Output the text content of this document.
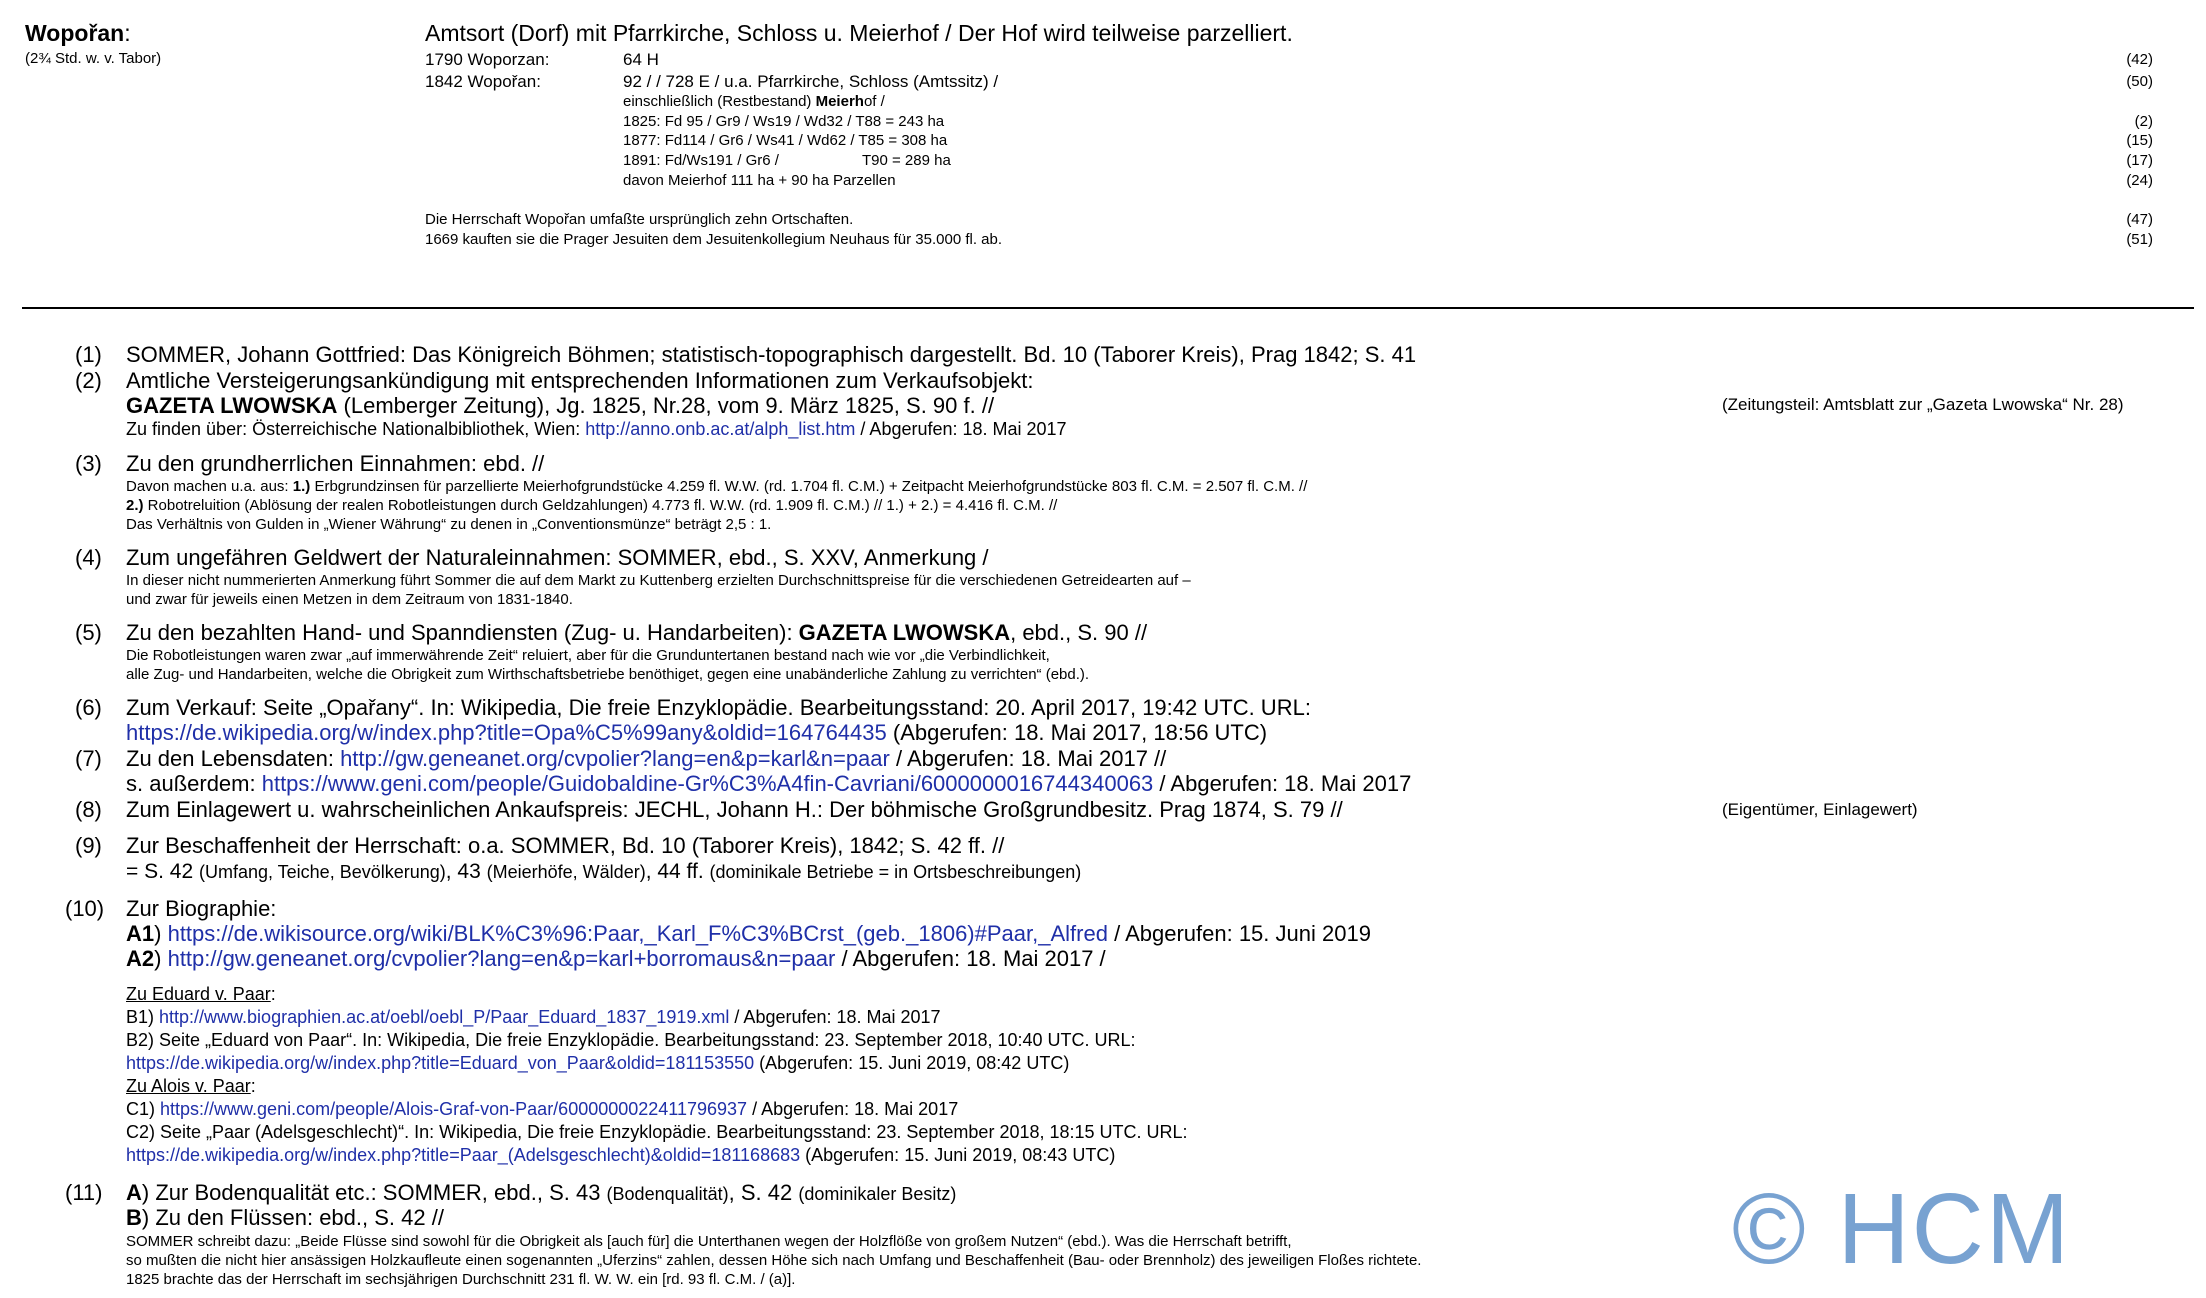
Wopořan:
(2¾ Std. w. v. Tabor)
Amtsort (Dorf) mit Pfarrkirche, Schloss u. Meierhof / Der Hof wird teilweise parzelliert.
1790 Woporzan:	64 H	(42)
1842 Wopořan:	92 / / 728 E / u.a. Pfarrkirche, Schloss (Amtssitz) /	(50)
einschließlich (Restbestand) Meierhof /
1825: Fd 95 / Gr9 / Ws19 / Wd32 / T88 = 243 ha	(2)
1877: Fd114 / Gr6 / Ws41 / Wd62 / T85 = 308 ha	(15)
1891: Fd/Ws191 / Gr6 /                    T90 = 289 ha	(17)
davon Meierhof 111 ha + 90 ha Parzellen	(24)
Die Herrschaft Wopořan umfaßte ursprünglich zehn Ortschaften.	(47)
1669 kauften sie die Prager Jesuiten dem Jesuitenkollegium Neuhaus für 35.000 fl. ab.	(51)
(1) SOMMER, Johann Gottfried: Das Königreich Böhmen; statistisch-topographisch dargestellt. Bd. 10 (Taborer Kreis), Prag 1842; S. 41
(2) Amtliche Versteigerungsankündigung mit entsprechenden Informationen zum Verkaufsobjekt:
GAZETA LWOWSKA (Lemberger Zeitung), Jg. 1825, Nr.28, vom 9. März 1825, S. 90 f. //
Zu finden über: Österreichische Nationalbibliothek, Wien: http://anno.onb.ac.at/alph_list.htm / Abgerufen: 18. Mai 2017
(Zeitungsteil: Amtsblatt zur „Gazeta Lwowska“ Nr. 28)
(3) Zu den grundherrlichen Einnahmen: ebd. //
Davon machen u.a. aus: 1.) Erbgrundzinsen für parzellierte Meierhofgrundstücke 4.259 fl. W.W. (rd. 1.704 fl. C.M.) + Zeitpacht Meierhofgrundstücke 803 fl. C.M. = 2.507 fl. C.M. //
2.) Robotreluition (Ablösung der realen Robotleistungen durch Geldzahlungen) 4.773 fl. W.W. (rd. 1.909 fl. C.M.) // 1.) + 2.) = 4.416 fl. C.M. //
Das Verhältnis von Gulden in „Wiener Währung“ zu denen in „Conventionsmünze“ beträgt 2,5 : 1.
(4) Zum ungefähren Geldwert der Naturaleinnahmen: SOMMER, ebd., S. XXV, Anmerkung /
In dieser nicht nummerierten Anmerkung führt Sommer die auf dem Markt zu Kuttenberg erzielten Durchschnittspreise für die verschiedenen Getreidearten auf –
und zwar für jeweils einen Metzen in dem Zeitraum von 1831-1840.
(5) Zu den bezahlten Hand- und Spanndiensten (Zug- u. Handarbeiten): GAZETA LWOWSKA, ebd., S. 90 //
Die Robotleistungen waren zwar „auf immerwährende Zeit“ reluiert, aber für die Grunduntertanen bestand nach wie vor „die Verbindlichkeit,
alle Zug- und Handarbeiten, welche die Obrigkeit zum Wirthschaftsbetriebe benöthiget, gegen eine unabänderliche Zahlung zu verrichten“ (ebd.).
(6) Zum Verkauf: Seite „Opařany“. In: Wikipedia, Die freie Enzyklopädie. Bearbeitungsstand: 20. April 2017, 19:42 UTC. URL:
https://de.wikipedia.org/w/index.php?title=Opa%C5%99any&oldid=164764435 (Abgerufen: 18. Mai 2017, 18:56 UTC)
(7) Zu den Lebensdaten: http://gw.geneanet.org/cvpolier?lang=en&p=karl&n=paar / Abgerufen: 18. Mai 2017 //
s. außerdem: https://www.geni.com/people/Guidobaldine-Gr%C3%A4fin-Cavriani/6000000016744340063 / Abgerufen: 18. Mai 2017
(8) Zum Einlagewert u. wahrscheinlichen Ankaufspreis: JECHL, Johann H.: Der böhmische Großgrundbesitz. Prag 1874, S. 79 //	(Eigentümer, Einlagewert)
(9) Zur Beschaffenheit der Herrschaft: o.a. SOMMER, Bd. 10 (Taborer Kreis), 1842; S. 42 ff. //
= S. 42 (Umfang, Teiche, Bevölkerung), 43 (Meierhöfe, Wälder), 44 ff. (dominikale Betriebe = in Ortsbeschreibungen)
(10) Zur Biographie:
A1) https://de.wikisource.org/wiki/BLK%C3%96:Paar,_Karl_F%C3%BCrst_(geb._1806)#Paar,_Alfred / Abgerufen: 15. Juni 2019
A2) http://gw.geneanet.org/cvpolier?lang=en&p=karl+borromaus&n=paar / Abgerufen: 18. Mai 2017 /
Zu Eduard v. Paar:
B1) http://www.biographien.ac.at/oebl/oebl_P/Paar_Eduard_1837_1919.xml / Abgerufen: 18. Mai 2017
B2) Seite „Eduard von Paar“. In: Wikipedia, Die freie Enzyklopädie. Bearbeitungsstand: 23. September 2018, 10:40 UTC. URL:
https://de.wikipedia.org/w/index.php?title=Eduard_von_Paar&oldid=181153550 (Abgerufen: 15. Juni 2019, 08:42 UTC)
Zu Alois v. Paar:
C1) https://www.geni.com/people/Alois-Graf-von-Paar/6000000022411796937 / Abgerufen: 18. Mai 2017
C2) Seite „Paar (Adelsgeschlecht)“. In: Wikipedia, Die freie Enzyklopädie. Bearbeitungsstand: 23. September 2018, 18:15 UTC. URL:
https://de.wikipedia.org/w/index.php?title=Paar_(Adelsgeschlecht)&oldid=181168683 (Abgerufen: 15. Juni 2019, 08:43 UTC)
(11) A) Zur Bodenqualität etc.: SOMMER, ebd., S. 43 (Bodenqualität), S. 42 (dominikaler Besitz)
B) Zu den Flüssen: ebd., S. 42 //
SOMMER schreibt dazu: „Beide Flüsse sind sowohl für die Obrigkeit als [auch für] die Unterthanen wegen der Holzflöße von großem Nutzen“ (ebd.). Was die Herrschaft betrifft,
so mußten die nicht hier ansässigen Holzkaufleute einen sogenannten „Uferzins“ zahlen, dessen Höhe sich nach Umfang und Beschaffenheit (Bau- oder Brennholz) des jeweiligen Floßes richtete.
1825 brachte das der Herrschaft im sechsjährigen Durchschnitt 231 fl. W. W. ein [rd. 93 fl. C.M. / (a)].	© HCM
